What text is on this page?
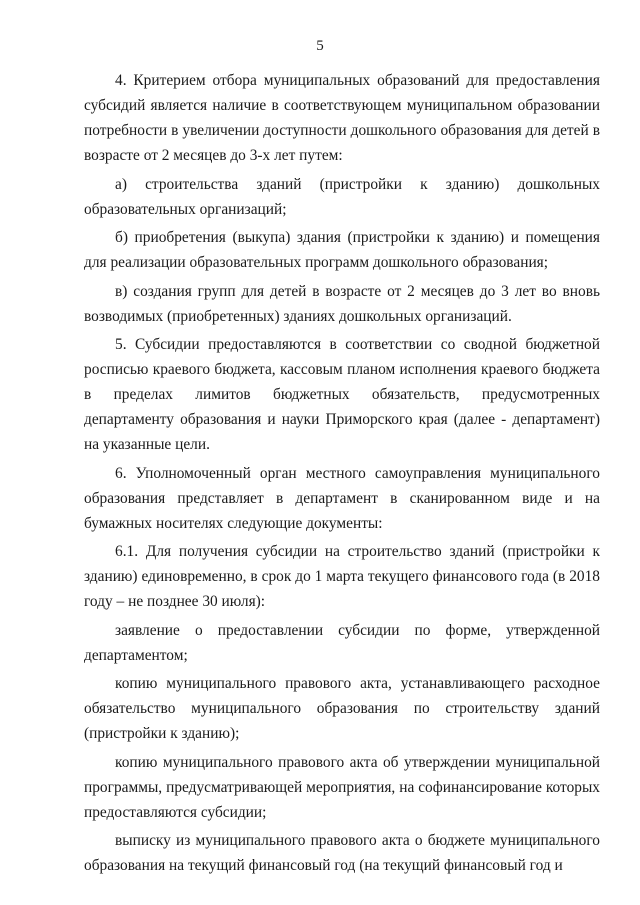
5

4. Критерием отбора муниципальных образований для предоставления субсидий является наличие в соответствующем муниципальном образовании потребности в увеличении доступности дошкольного образования для детей в возрасте от 2 месяцев до 3-х лет путем:

а) строительства зданий (пристройки к зданию) дошкольных образовательных организаций;

б) приобретения (выкупа) здания (пристройки к зданию) и помещения для реализации образовательных программ дошкольного образования;

в) создания групп для детей в возрасте от 2 месяцев до 3 лет во вновь возводимых (приобретенных) зданиях дошкольных организаций.

5. Субсидии предоставляются в соответствии со сводной бюджетной росписью краевого бюджета, кассовым планом исполнения краевого бюджета в пределах лимитов бюджетных обязательств, предусмотренных департаменту образования и науки Приморского края (далее - департамент) на указанные цели.

6. Уполномоченный орган местного самоуправления муниципального образования представляет в департамент в сканированном виде и на бумажных носителях следующие документы:

6.1. Для получения субсидии на строительство зданий (пристройки к зданию) единовременно, в срок до 1 марта текущего финансового года (в 2018 году – не позднее 30 июля):

заявление о предоставлении субсидии по форме, утвержденной департаментом;

копию муниципального правового акта, устанавливающего расходное обязательство муниципального образования по строительству зданий (пристройки к зданию);

копию муниципального правового акта об утверждении муниципальной программы, предусматривающей мероприятия, на софинансирование которых предоставляются субсидии;

выписку из муниципального правового акта о бюджете муниципального образования на текущий финансовый год (на текущий финансовый год и
